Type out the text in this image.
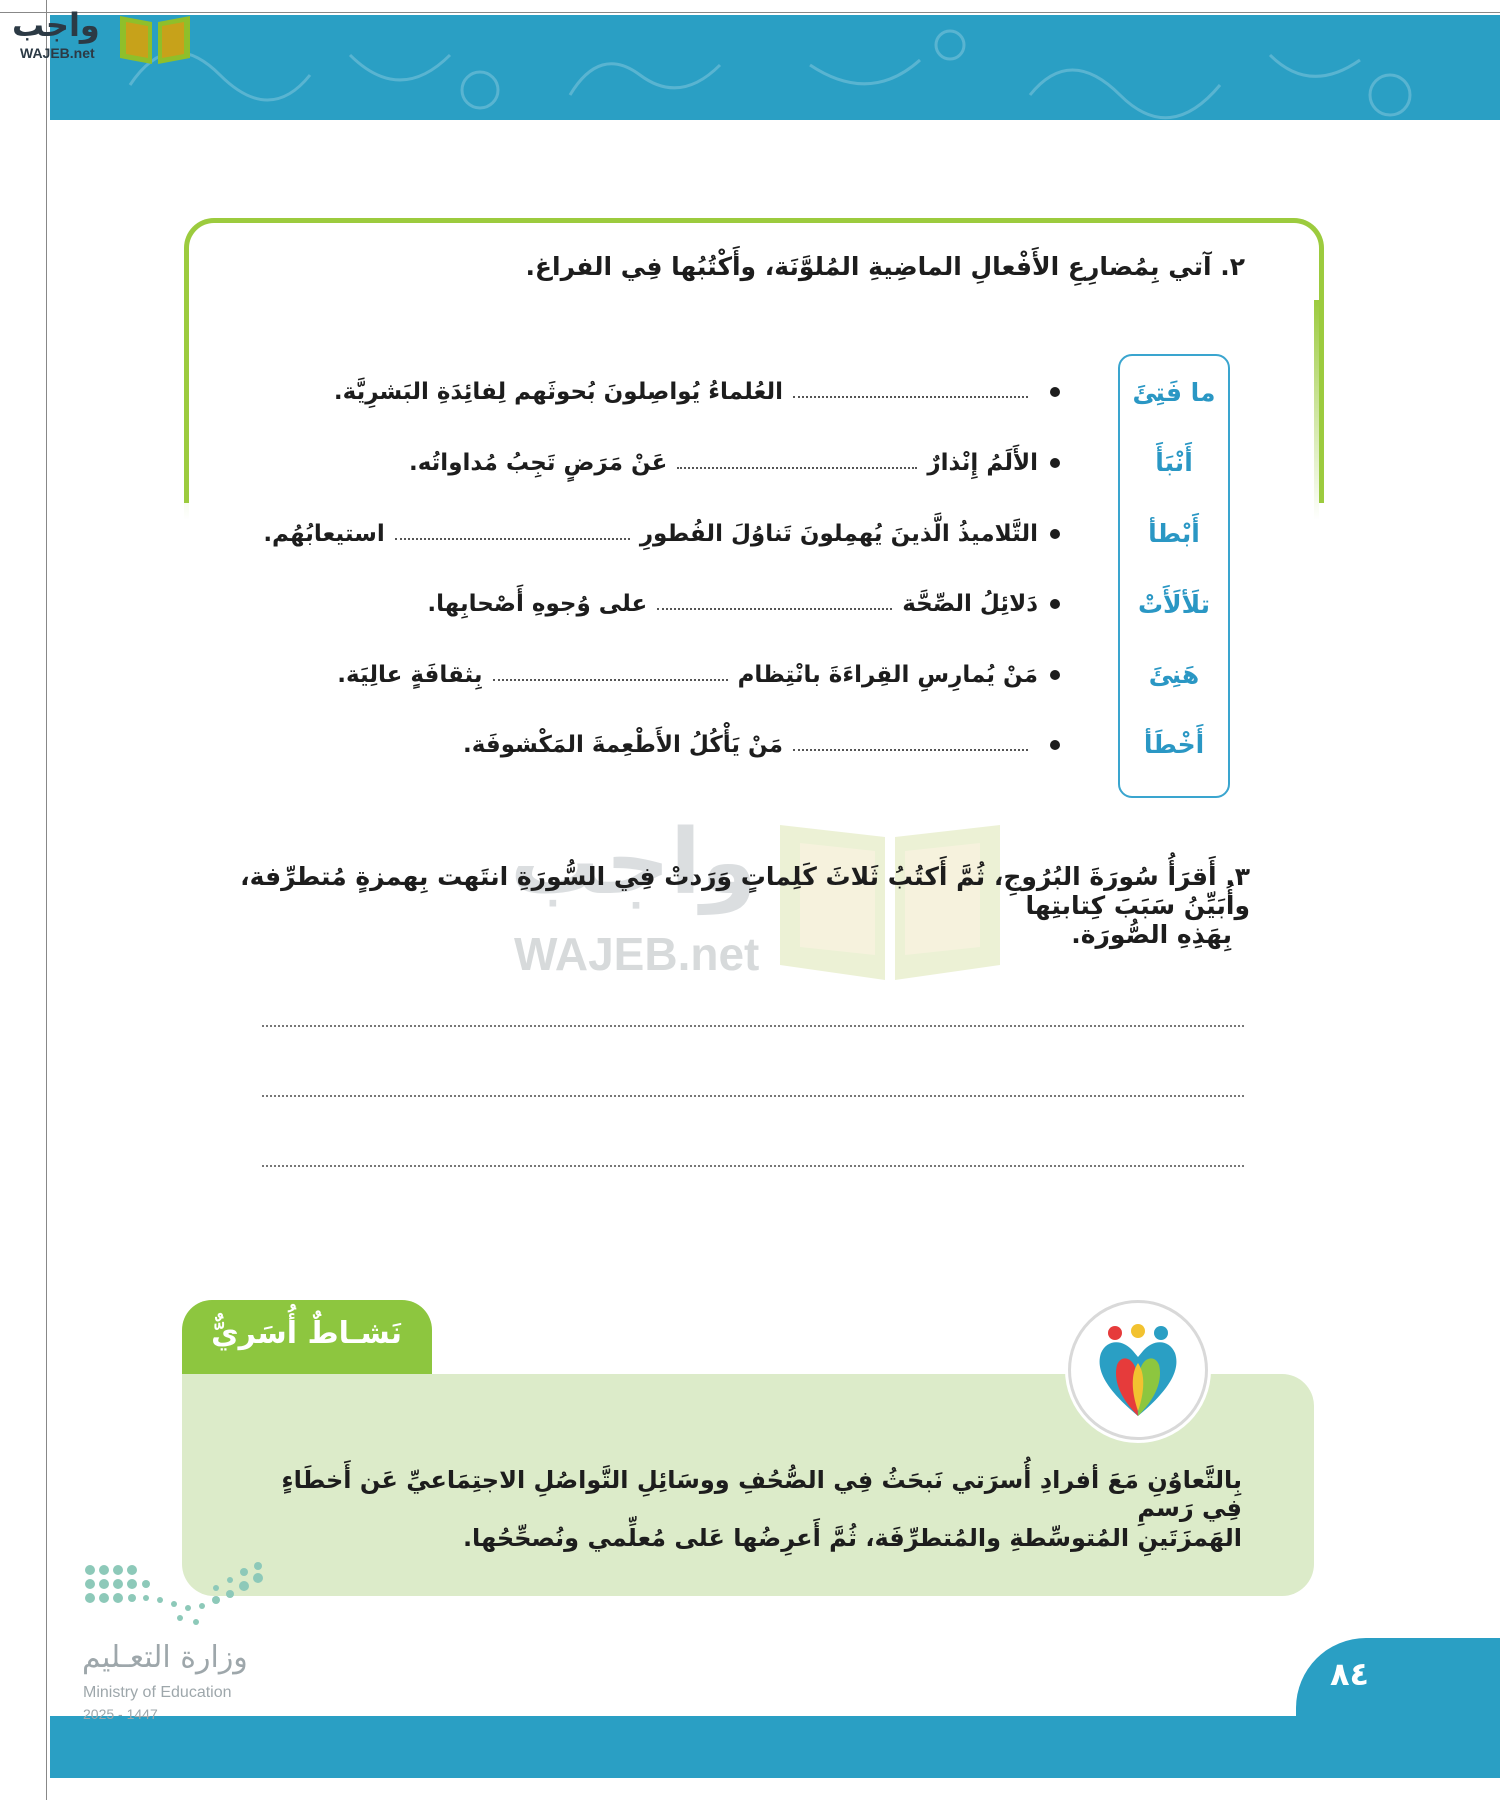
واجب
WAJEB.net
٢. آتي بِمُضارِعِ الأَفْعالِ الماضِيةِ المُلوَّنَة، وأَكْتُبُها فِي الفراغ.
ما فَتِئَ
أَنْبَأَ
أَبْطأ
تلَألَأَتْ
هَنِئَ
أَخْطَأ
العُلماءُ يُواصِلونَ بُحوثَهم لِفائِدَةِ البَشرِيَّة.
الأَلَمُ إِنْذارٌ
عَنْ مَرَضٍ تَجِبُ مُداواتُه.
التَّلاميذُ الَّذينَ يُهمِلونَ تَناوُلَ الفُطورِ
استيعابُهُم.
دَلائِلُ الصِّحَّة
على وُجوهِ أَصْحابِها.
مَنْ يُمارِسِ القِراءَةَ بانْتِظام
بِثقافَةٍ عالِيَة.
مَنْ يَأْكُلُ الأَطْعِمةَ المَكْشوفَة.
واجب
WAJEB.net
٣. أَقرَأُ سُورَةَ البُرُوجِ، ثُمَّ أَكتُبُ ثَلاثَ كَلِماتٍ وَرَدتْ فِي السُّورَةِ انتَهت بِهمزةٍ مُتطرِّفة، وأُبَيِّنُ سَبَبَ كِتابتِها
بِهَذِهِ الصُّورَة.
نَشـاطٌ أُسَريٌّ
بِالتَّعاوُنِ مَعَ أفرادِ أُسرَتي نَبحَثُ فِي الصُّحُفِ ووسَائِلِ التَّواصُلِ الاجتِمَاعيِّ عَن أَخطَاءٍ فِي رَسمِ
الهَمزَتَينِ المُتوسِّطةِ والمُتطرِّفَة، ثُمَّ أَعرِضُها عَلى مُعلِّمي ونُصحِّحُها.
٨٤
وزارة التعـليم
Ministry of Education
2025 - 1447
